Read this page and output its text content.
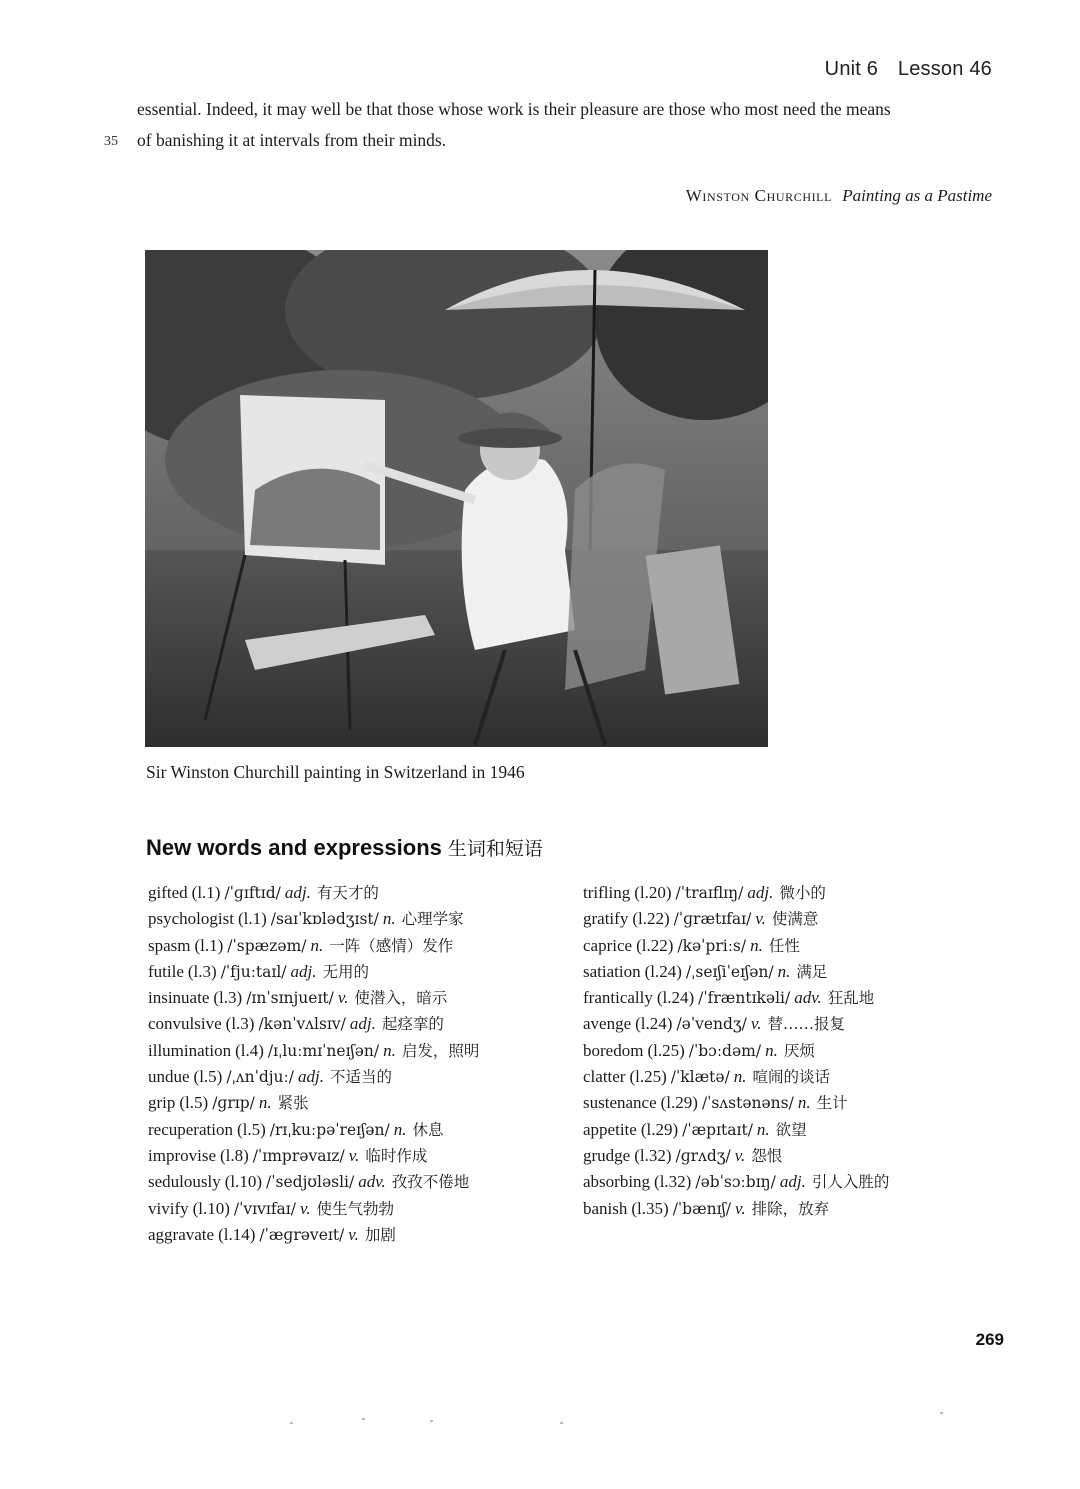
Unit 6 Lesson 46
essential. Indeed, it may well be that those whose work is their pleasure are those who most need the means
35 of banishing it at intervals from their minds.
Winston Churchill Painting as a Pastime
Sir Winston Churchill painting in Switzerland in 1946
New words and expressions 生词和短语
gifted (l.1) /ˈɡɪftɪd/ adj. 有天才的
psychologist (l.1) /saɪˈkɒlədʒɪst/ n. 心理学家
spasm (l.1) /ˈspæzəm/ n. 一阵（感情）发作
futile (l.3) /ˈfjuːtaɪl/ adj. 无用的
insinuate (l.3) /ɪnˈsɪnjueɪt/ v. 使潜入，暗示
convulsive (l.3) /kənˈvʌlsɪv/ adj. 起痉挛的
illumination (l.4) /ɪˌluːmɪˈneɪʃən/ n. 启发，照明
undue (l.5) /ˌʌnˈdjuː/ adj. 不适当的
grip (l.5) /ɡrɪp/ n. 紧张
recuperation (l.5) /rɪˌkuːpəˈreɪʃən/ n. 休息
improvise (l.8) /ˈɪmprəvaɪz/ v. 临时作成
sedulously (l.10) /ˈsedjʊləsli/ adv. 孜孜不倦地
vivify (l.10) /ˈvɪvɪfaɪ/ v. 使生气勃勃
aggravate (l.14) /ˈæɡrəveɪt/ v. 加剧
trifling (l.20) /ˈtraɪflɪŋ/ adj. 微小的
gratify (l.22) /ˈɡrætɪfaɪ/ v. 使满意
caprice (l.22) /kəˈpriːs/ n. 任性
satiation (l.24) /ˌseɪʃiˈeɪʃən/ n. 满足
frantically (l.24) /ˈfræntɪkəli/ adv. 狂乱地
avenge (l.24) /əˈvendʒ/ v. 替……报复
boredom (l.25) /ˈbɔːdəm/ n. 厌烦
clatter (l.25) /ˈklætə/ n. 喧闹的谈话
sustenance (l.29) /ˈsʌstənəns/ n. 生计
appetite (l.29) /ˈæpɪtaɪt/ n. 欲望
grudge (l.32) /ɡrʌdʒ/ v. 怨恨
absorbing (l.32) /əbˈsɔːbɪŋ/ adj. 引人入胜的
banish (l.35) /ˈbænɪʃ/ v. 排除，放弃
269
